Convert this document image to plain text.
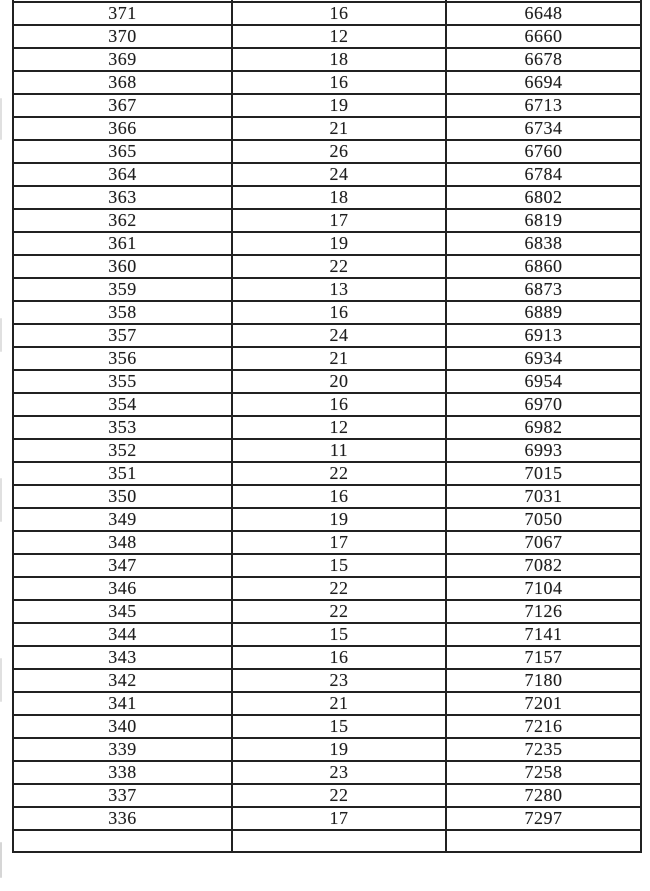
371	16	6648
370	12	6660
369	18	6678
368	16	6694
367	19	6713
366	21	6734
365	26	6760
364	24	6784
363	18	6802
362	17	6819
361	19	6838
360	22	6860
359	13	6873
358	16	6889
357	24	6913
356	21	6934
355	20	6954
354	16	6970
353	12	6982
352	11	6993
351	22	7015
350	16	7031
349	19	7050
348	17	7067
347	15	7082
346	22	7104
345	22	7126
344	15	7141
343	16	7157
342	23	7180
341	21	7201
340	15	7216
339	19	7235
338	23	7258
337	22	7280
336	17	7297
